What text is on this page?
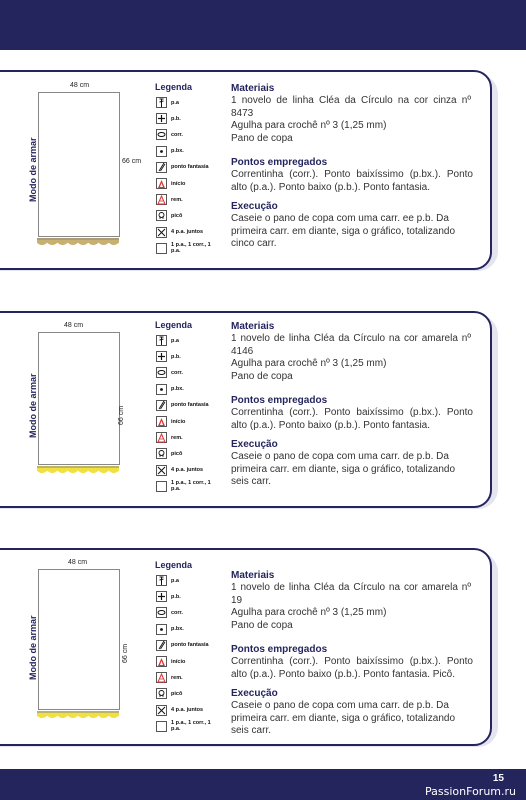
15
PassionForum.ru
Modo de armar
48 cm
66 cm
Legenda
p.a
p.b.
corr.
p.bx.
ponto fantasia
início
rem.
picô
4 p.a. juntos
1 p.a., 1 corr., 1 p.a.
Materiais
1 novelo de linha Cléa da Círculo na cor cinza nº 8473
Agulha para crochê nº 3 (1,25 mm)
Pano de copa
Pontos empregados
Correntinha (corr.). Ponto baixíssimo (p.bx.). Ponto alto (p.a.). Ponto baixo (p.b.). Ponto fantasia.
Execução
Caseie o pano de copa com uma carr. ee p.b. Da primeira carr. em diante, siga o gráfico, totalizando cinco carr.
Modo de armar
48 cm
66 cm
Legenda
p.a
p.b.
corr.
p.bx.
ponto fantasia
início
rem.
picô
4 p.a. juntos
1 p.a., 1 corr., 1 p.a.
Materiais
1 novelo de linha Cléa da Círculo na cor amarela nº 4146
Agulha para crochê nº 3 (1,25 mm)
Pano de copa
Pontos empregados
Correntinha (corr.). Ponto baixíssimo (p.bx.). Ponto alto (p.a.). Ponto baixo (p.b.). Ponto fantasia.
Execução
Caseie o pano de copa com uma carr. de p.b. Da primeira carr. em diante, siga o gráfico, totalizando seis carr.
Modo de armar
48 cm
66 cm
Legenda
p.a
p.b.
corr.
p.bx.
ponto fantasia
início
rem.
picô
4 p.a. juntos
1 p.a., 1 corr., 1 p.a.
Materiais
1 novelo de linha Cléa da Círculo na cor amarela nº 19
Agulha para crochê nº 3 (1,25 mm)
Pano de copa
Pontos empregados
Correntinha (corr.). Ponto baixíssimo (p.bx.). Ponto alto (p.a.). Ponto baixo (p.b.). Ponto fantasia. Picô.
Execução
Caseie o pano de copa com uma carr. de p.b. Da primeira carr. em diante, siga o gráfico, totalizando seis carr.
